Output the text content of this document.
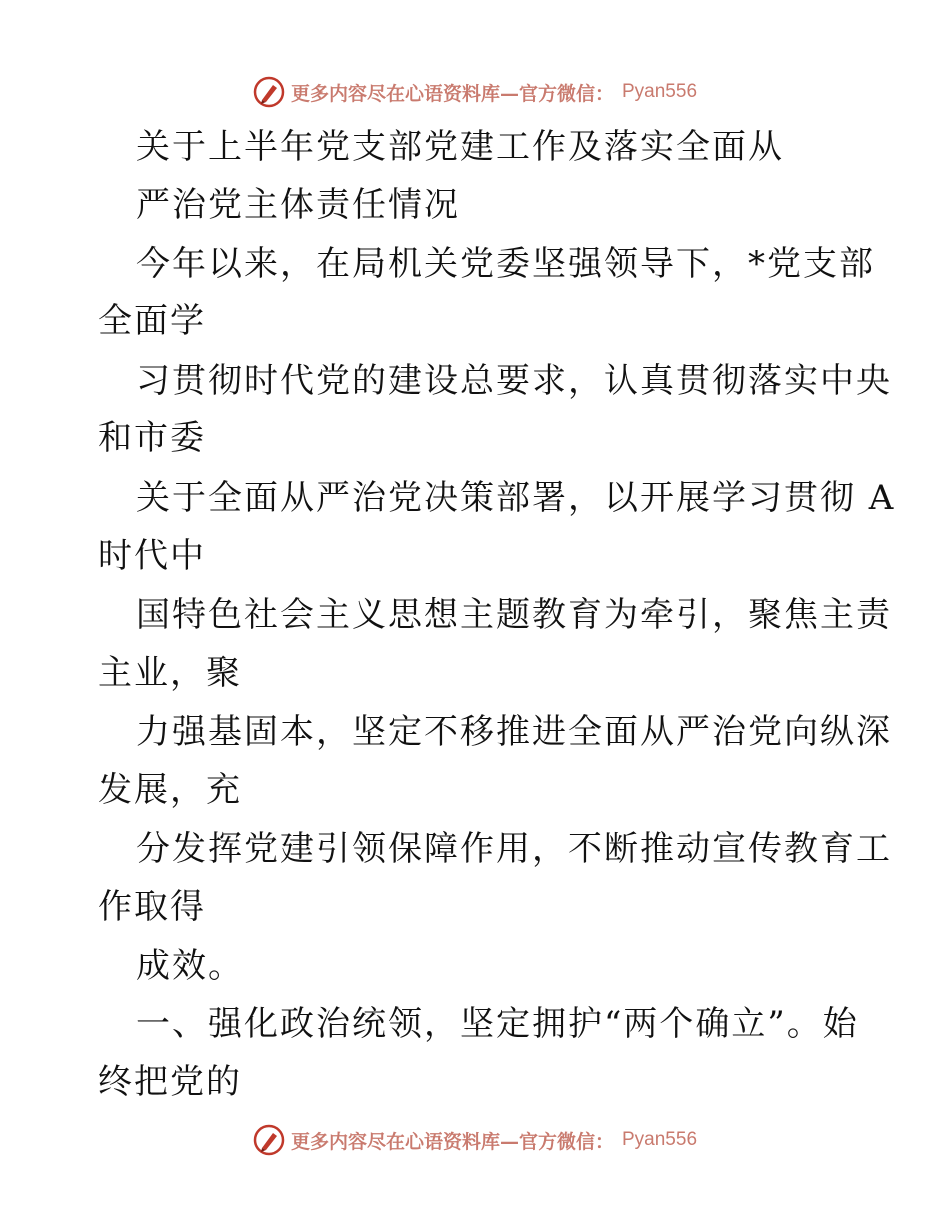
更多内容尽在心语资料库—官方微信： Pyan556
关于上半年党支部党建工作及落实全面从
严治党主体责任情况
今年以来，在局机关党委坚强领导下，*党支部
全面学
习贯彻时代党的建设总要求，认真贯彻落实中央
和市委
关于全面从严治党决策部署，以开展学习贯彻 A
时代中
国特色社会主义思想主题教育为牵引，聚焦主责
主业，聚
力强基固本，坚定不移推进全面从严治党向纵深
发展，充
分发挥党建引领保障作用，不断推动宣传教育工
作取得
成效。
一、强化政治统领，坚定拥护“两个确立”。始
终把党的
更多内容尽在心语资料库—官方微信： Pyan556
